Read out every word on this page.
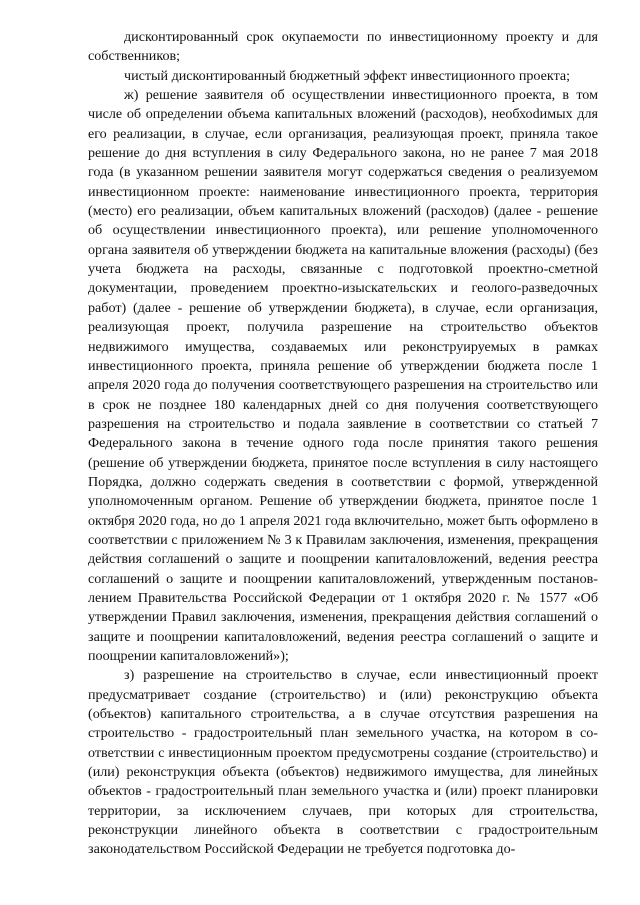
дисконтированный срок окупаемости по инвестиционному проекту и для собственников;

чистый дисконтированный бюджетный эффект инвестиционного проекта;

ж) решение заявителя об осуществлении инвестиционного проекта, в том числе об определении объема капитальных вложений (расходов), необхоdимых для его реализации, в случае, если организация, реализующая проект, приняла такое решение до дня вступления в силу Федерального закона, но не ранее 7 мая 2018 года (в указанном решении заявителя могут содержаться сведения о реализуемом инвестиционном проекте: наименование инвестиционного проекта, территория (место) его реализации, объем капитальных вложений (расходов) (далее - решение об осуществлении инвестиционного проекта), или решение уполномоченного органа заявителя об утверждении бюджета на капитальные вложения (расходы) (без учета бюджета на расходы, связанные с подготовкой проектно-сметной документации, проведением проектно-изыскательских и геолого-разведочных работ) (далее - решение об утверждении бюджета), в случае, если организация, реализующая проект, получила разрешение на строительство объектов недвижимого имущества, создаваемых или реконструируемых в рамках инвестиционного проекта, приняла решение об утверждении бюджета после 1 апреля 2020 года до получения соответствующего разрешения на строительство или в срок не позднее 180 календарных дней со дня получения соответствующего разрешения на строительство и подала заявление в соответствии со статьей 7 Федерального закона в течение одного года после принятия такого решения (решение об утверждении бюджета, принятое после вступления в силу настоящего Порядка, должно содержать сведения в соответствии с формой, утвержденной уполномоченным органом. Решение об утверждении бюджета, принятое после 1 октября 2020 года, но до 1 апреля 2021 года включительно, может быть оформлено в соответствии с приложением № 3 к Правилам заключения, изменения, прекращения действия соглашений о защите и поощрении капиталовложений, ведения реестра соглашений о защите и поощрении капиталовложений, утвержденным постановлением Правительства Российской Федерации от 1 октября 2020 г. № 1577 «Об утверждении Правил заключения, изменения, прекращения действия соглашений о защите и поощрении капиталовложений, ведения реестра соглашений о защите и поощрении капиталовложений»);

з) разрешение на строительство в случае, если инвестиционный проект предусматривает создание (строительство) и (или) реконструкцию объекта (объектов) капитального строительства, а в случае отсутствия разрешения на строительство - градостроительный план земельного участка, на котором в соответствии с инвестиционным проектом предусмотрены создание (строительство) и (или) реконструкция объекта (объектов) недвижимого имущества, для линейных объектов - градостроительный план земельного участка и (или) проект планировки территории, за исключением случаев, при которых для строительства, реконструкции линейного объекта в соответствии с градостроительным законодательством Российской Федерации не требуется подготовка до-
